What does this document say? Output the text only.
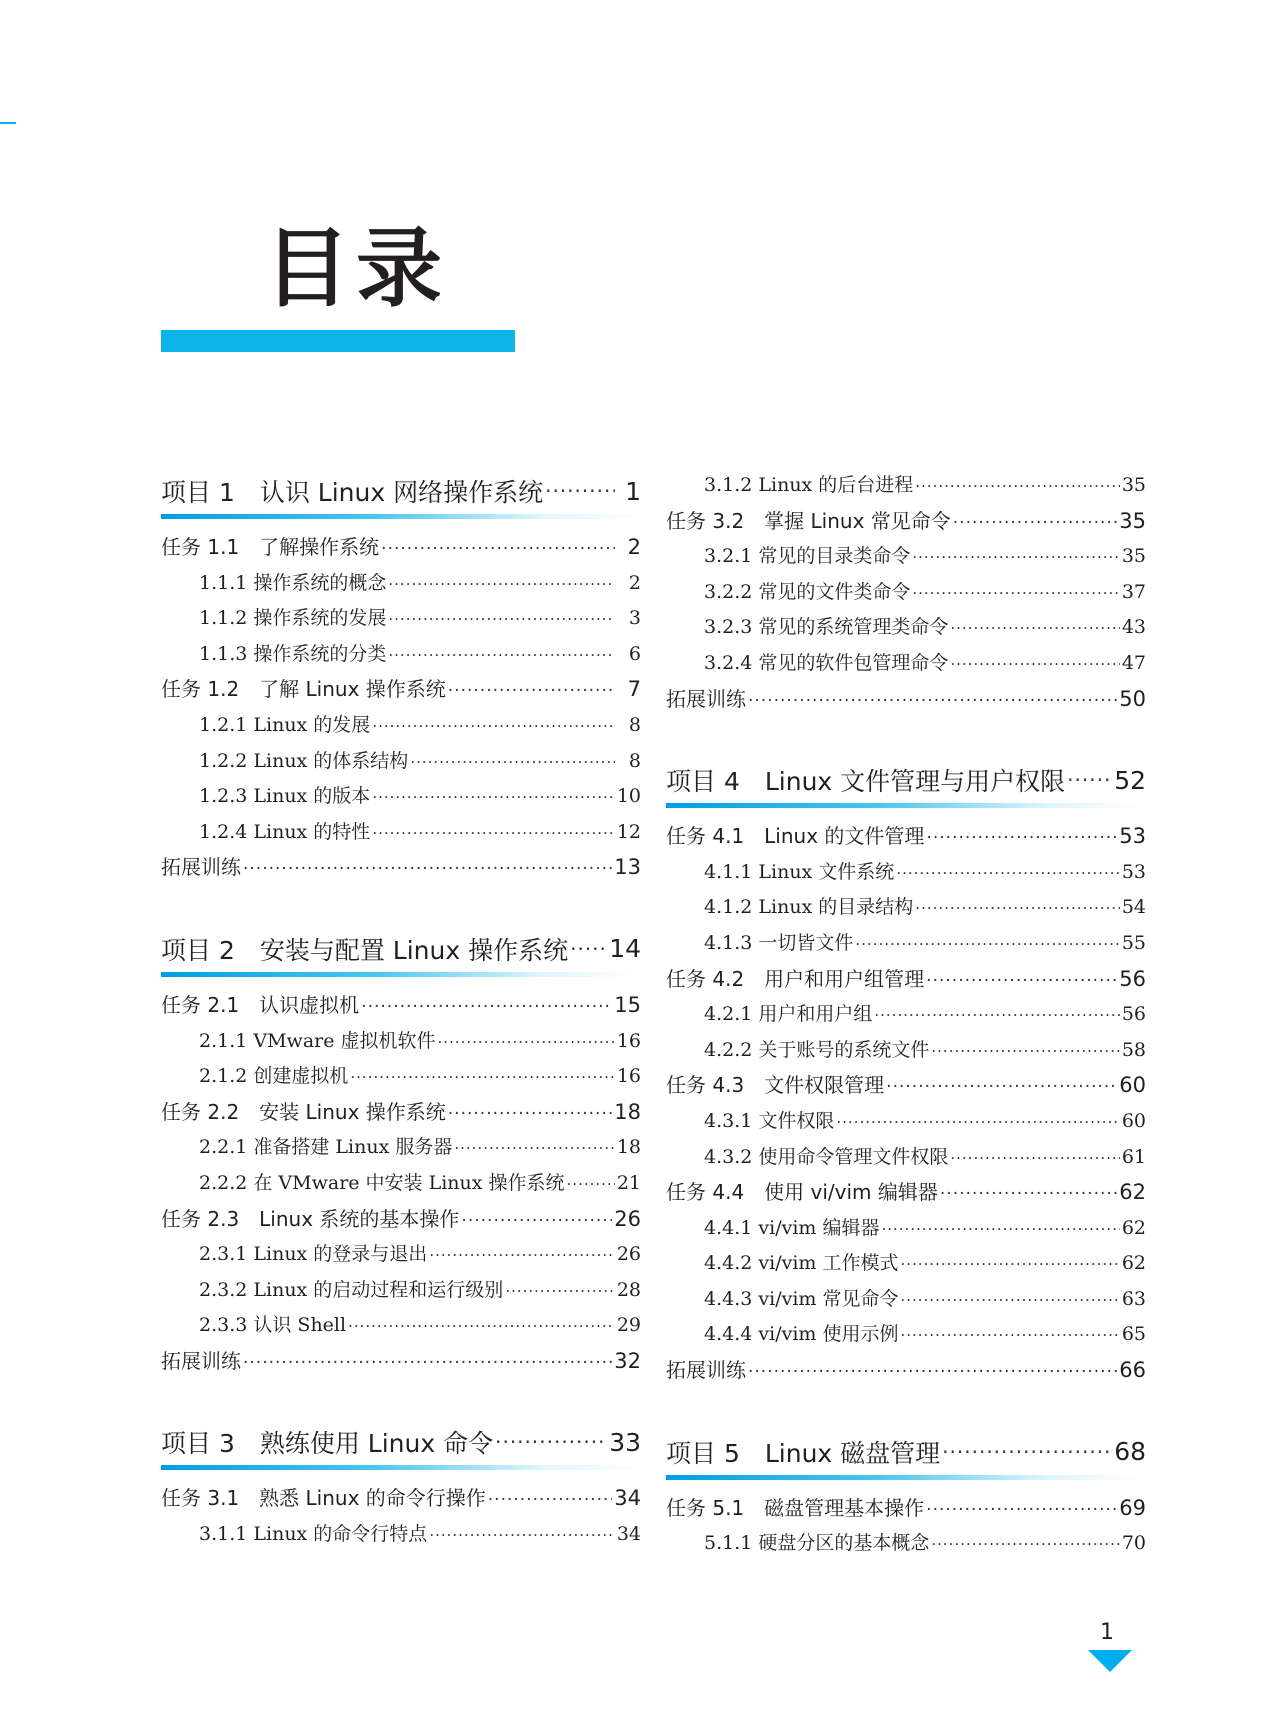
目录
项目 1　认识 Linux 网络操作系统 ·····	1
任务 1.1　了解操作系统 ·····	2
1.1.1 操作系统的概念 ·····	2
1.1.2 操作系统的发展 ·····	3
1.1.3 操作系统的分类 ·····	6
任务 1.2　了解 Linux 操作系统 ·····	7
1.2.1 Linux 的发展 ·····	8
1.2.2 Linux 的体系结构 ·····	8
1.2.3 Linux 的版本 ·····	10
1.2.4 Linux 的特性 ·····	12
拓展训练 ·····	13
项目 2　安装与配置 Linux 操作系统 ····· 14
任务 2.1　认识虚拟机 ·····	15
2.1.1 VMware 虚拟机软件 ·····	16
2.1.2 创建虚拟机 ·····	16
任务 2.2　安装 Linux 操作系统 ·····	18
2.2.1 准备搭建 Linux 服务器 ·····	18
2.2.2 在 VMware 中安装 Linux 操作系统 ·····	21
任务 2.3　Linux 系统的基本操作 ·····	26
2.3.1 Linux 的登录与退出 ·····	26
2.3.2 Linux 的启动过程和运行级别 ·····	28
2.3.3 认识 Shell ·····	29
拓展训练 ·····	32
项目 3　熟练使用 Linux 命令 ·····	33
任务 3.1　熟悉 Linux 的命令行操作 ·····	34
3.1.1 Linux 的命令行特点 ·····	34
3.1.2 Linux 的后台进程 ·····	35
任务 3.2　掌握 Linux 常见命令 ·····	35
3.2.1 常见的目录类命令 ·····	35
3.2.2 常见的文件类命令 ·····	37
3.2.3 常见的系统管理类命令 ·····	43
3.2.4 常见的软件包管理命令 ·····	47
拓展训练 ·····	50
项目 4　Linux 文件管理与用户权限 ····· 52
任务 4.1　Linux 的文件管理 ·····	53
4.1.1 Linux 文件系统 ·····	53
4.1.2 Linux 的目录结构 ·····	54
4.1.3 一切皆文件 ·····	55
任务 4.2　用户和用户组管理 ·····	56
4.2.1 用户和用户组 ·····	56
4.2.2 关于账号的系统文件 ·····	58
任务 4.3　文件权限管理 ·····	60
4.3.1 文件权限 ·····	60
4.3.2 使用命令管理文件权限 ·····	61
任务 4.4　使用 vi/vim 编辑器 ·····	62
4.4.1 vi/vim 编辑器 ·····	62
4.4.2 vi/vim 工作模式 ·····	62
4.4.3 vi/vim 常见命令 ·····	63
4.4.4 vi/vim 使用示例 ·····	65
拓展训练 ·····	66
项目 5　Linux 磁盘管理 ·····	68
任务 5.1　磁盘管理基本操作 ·····	69
5.1.1 硬盘分区的基本概念 ·····	70
1
